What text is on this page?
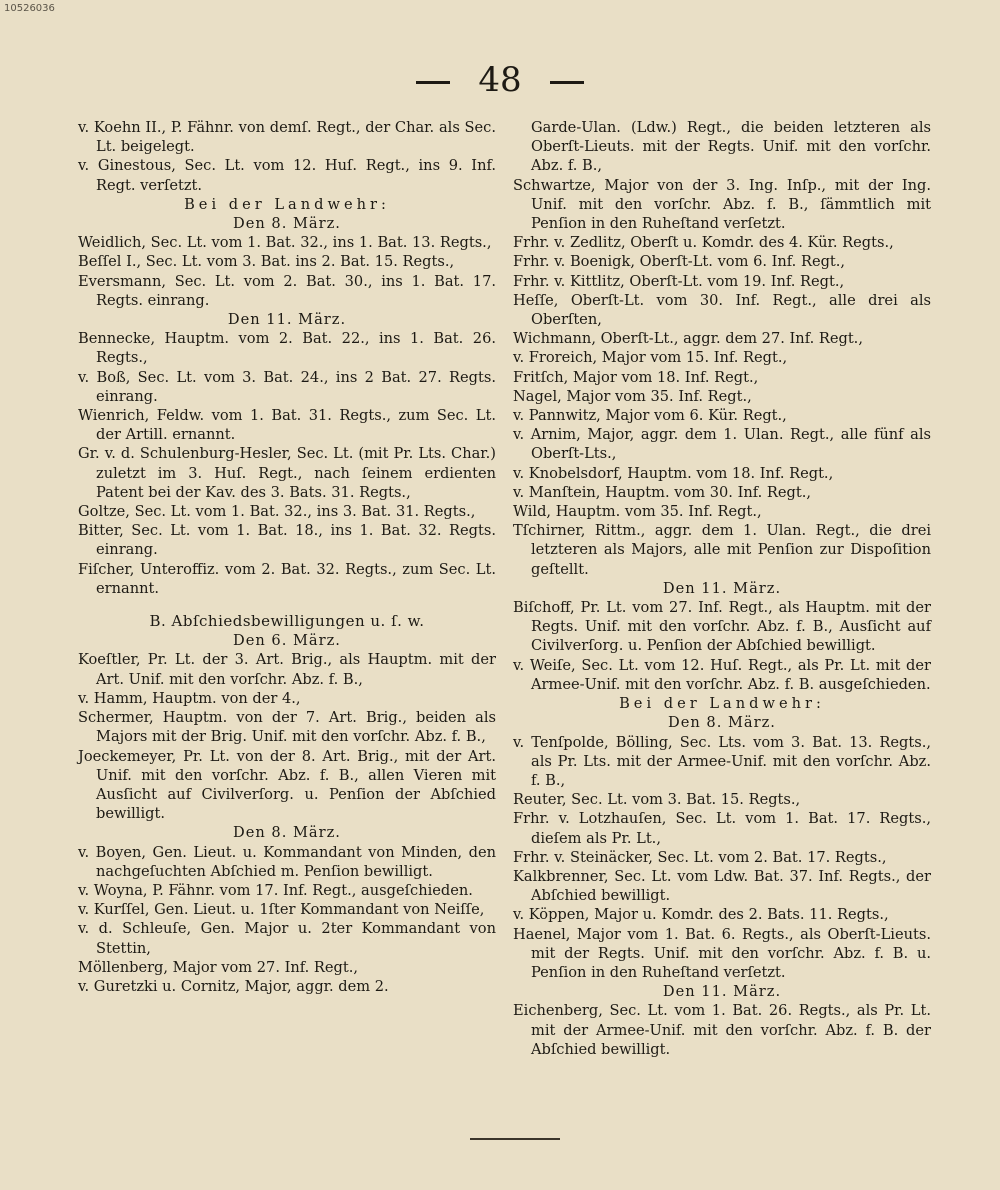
10526036
48

v. Koehn II., P. Fähnr. von demſ. Regt., der Char. als Sec. Lt. beigelegt.

v. Ginestous, Sec. Lt. vom 12. Huſ. Regt., ins 9. Inf. Regt. verſetzt.

Bei der Landwehr:

Den 8. März.

Weidlich, Sec. Lt. vom 1. Bat. 32., ins 1. Bat. 13. Regts.,

Beſſel I., Sec. Lt. vom 3. Bat. ins 2. Bat. 15. Regts.,

Eversmann, Sec. Lt. vom 2. Bat. 30., ins 1. Bat. 17. Regts. einrang.

Den 11. März.

Bennecke, Hauptm. vom 2. Bat. 22., ins 1. Bat. 26. Regts.,

v. Boß, Sec. Lt. vom 3. Bat. 24., ins 2 Bat. 27. Regts. einrang.

Wienrich, Feldw. vom 1. Bat. 31. Regts., zum Sec. Lt. der Artill. ernannt.

Gr. v. d. Schulenburg-Hesler, Sec. Lt. (mit Pr. Lts. Char.) zuletzt im 3. Huſ. Regt., nach ſeinem erdienten Patent bei der Kav. des 3. Bats. 31. Regts.,

Goltze, Sec. Lt. vom 1. Bat. 32., ins 3. Bat. 31. Regts.,

Bitter, Sec. Lt. vom 1. Bat. 18., ins 1. Bat. 32. Regts. einrang.

Fiſcher, Unteroffiz. vom 2. Bat. 32. Regts., zum Sec. Lt. ernannt.

B. Abſchiedsbewilligungen u. ſ. w.

Den 6. März.

Koeſtler, Pr. Lt. der 3. Art. Brig., als Hauptm. mit der Art. Unif. mit den vorſchr. Abz. f. B.,

v. Hamm, Hauptm. von der 4.,

Schermer, Hauptm. von der 7. Art. Brig., beiden als Majors mit der Brig. Unif. mit den vorſchr. Abz. f. B.,

Joeckemeyer, Pr. Lt. von der 8. Art. Brig., mit der Art. Unif. mit den vorſchr. Abz. f. B., allen Vieren mit Ausſicht auf Civilverſorg. u. Penſion der Abſchied bewilligt.

Den 8. März.

v. Boyen, Gen. Lieut. u. Kommandant von Minden, den nachgeſuchten Abſchied m. Penſion bewilligt.

v. Woyna, P. Fähnr. vom 17. Inf. Regt., ausgeſchieden.

v. Kurſſel, Gen. Lieut. u. 1ſter Kommandant von Neiſſe,

v. d. Schleuſe, Gen. Major u. 2ter Kommandant von Stettin,

Möllenberg, Major vom 27. Inf. Regt.,

v. Guretzki u. Cornitz, Major, aggr. dem 2.

Garde-Ulan. (Ldw.) Regt., die beiden letzteren als Oberſt-Lieuts. mit der Regts. Unif. mit den vorſchr. Abz. f. B.,

Schwartze, Major von der 3. Ing. Inſp., mit der Ing. Unif. mit den vorſchr. Abz. f. B., ſämmtlich mit Penſion in den Ruheſtand verſetzt.

Frhr. v. Zedlitz, Oberſt u. Komdr. des 4. Kür. Regts.,

Frhr. v. Boenigk, Oberſt-Lt. vom 6. Inf. Regt.,

Frhr. v. Kittlitz, Oberſt-Lt. vom 19. Inf. Regt.,

Heſſe, Oberſt-Lt. vom 30. Inf. Regt., alle drei als Oberſten,

Wichmann, Oberſt-Lt., aggr. dem 27. Inf. Regt.,

v. Froreich, Major vom 15. Inf. Regt.,

Fritſch, Major vom 18. Inf. Regt.,

Nagel, Major vom 35. Inf. Regt.,

v. Pannwitz, Major vom 6. Kür. Regt.,

v. Arnim, Major, aggr. dem 1. Ulan. Regt., alle fünf als Oberſt-Lts.,

v. Knobelsdorf, Hauptm. vom 18. Inf. Regt.,

v. Manſtein, Hauptm. vom 30. Inf. Regt.,

Wild, Hauptm. vom 35. Inf. Regt.,

Tſchirner, Rittm., aggr. dem 1. Ulan. Regt., die drei letzteren als Majors, alle mit Penſion zur Dispoſition geſtellt.

Den 11. März.

Biſchoff, Pr. Lt. vom 27. Inf. Regt., als Hauptm. mit der Regts. Unif. mit den vorſchr. Abz. f. B., Ausſicht auf Civilverſorg. u. Penſion der Abſchied bewilligt.

v. Weiſe, Sec. Lt. vom 12. Huſ. Regt., als Pr. Lt. mit der Armee-Unif. mit den vorſchr. Abz. f. B. ausgeſchieden.

Bei der Landwehr:

Den 8. März.

v. Tenſpolde, Bölling, Sec. Lts. vom 3. Bat. 13. Regts., als Pr. Lts. mit der Armee-Unif. mit den vorſchr. Abz. f. B.,

Reuter, Sec. Lt. vom 3. Bat. 15. Regts.,

Frhr. v. Lotzhauſen, Sec. Lt. vom 1. Bat. 17. Regts., dieſem als Pr. Lt.,

Frhr. v. Steinäcker, Sec. Lt. vom 2. Bat. 17. Regts.,

Kalkbrenner, Sec. Lt. vom Ldw. Bat. 37. Inf. Regts., der Abſchied bewilligt.

v. Köppen, Major u. Komdr. des 2. Bats. 11. Regts.,

Haenel, Major vom 1. Bat. 6. Regts., als Oberſt-Lieuts. mit der Regts. Unif. mit den vorſchr. Abz. f. B. u. Penſion in den Ruheſtand verſetzt.

Den 11. März.

Eichenberg, Sec. Lt. vom 1. Bat. 26. Regts., als Pr. Lt. mit der Armee-Unif. mit den vorſchr. Abz. f. B. der Abſchied bewilligt.
